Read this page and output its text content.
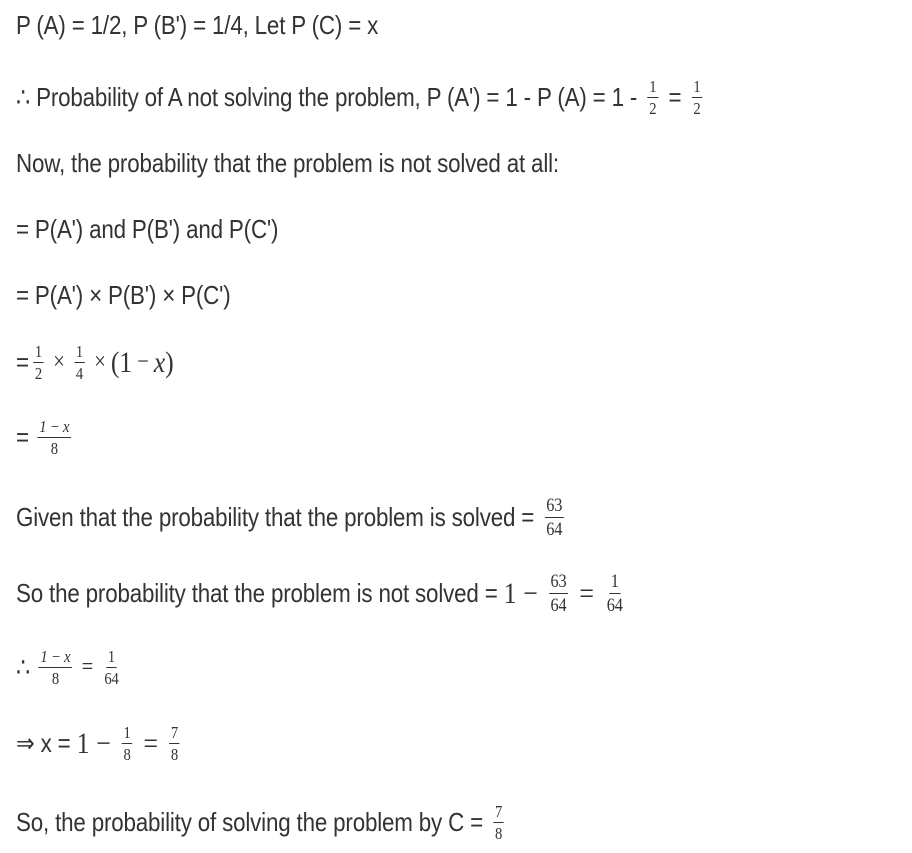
P (A) = 1/2, P (B') = 1/4, Let P (C) = x
∴ Probability of A not solving the problem, P (A') = 1 - P $(A) = 1 - \frac{1}{2} = \frac{1}{2}$
Now, the probability that the problem is not solved at all:
= P(A') and P(B') and P(C')
= P(A') × P(B') × P(C')
= $\frac{1}{2} \times \frac{1}{4} \times (1 - x$ )
= $\frac{1 - x}{8}$
Given that the probability that the problem is solved = $\frac{63}{64}$
So the probability that the problem is not solved = $1 - \frac{63}{64} = \frac{1}{64}$
∴ $\frac{1 - x}{8} = \frac{1}{64}$
⇒ $x = 1 - \frac{1}{8} = \frac{7}{8}$
So, the probability of solving the problem by $C = \frac{7}{8}$
